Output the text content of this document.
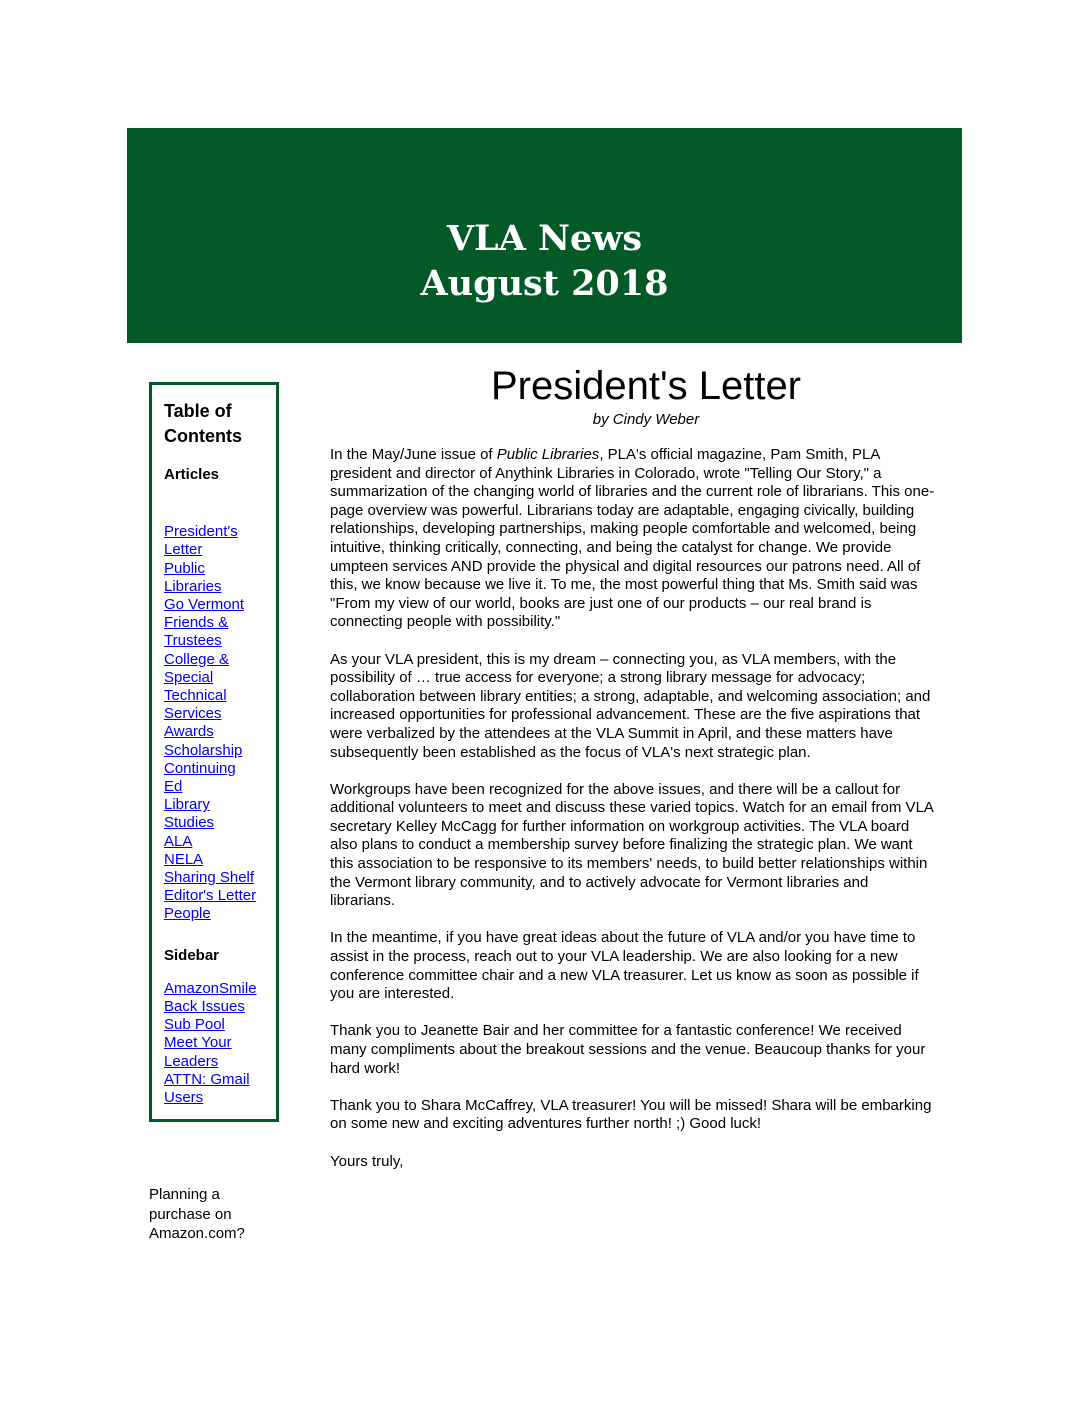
VLA News
August 2018
Table of Contents
Articles
President's Letter
Public Libraries
Go Vermont
Friends & Trustees
College & Special
Technical Services
Awards
Scholarship
Continuing Ed
Library Studies
ALA
NELA
Sharing Shelf
Editor's Letter
People
Sidebar
AmazonSmile
Back Issues
Sub Pool
Meet Your Leaders
ATTN: Gmail Users
Planning a purchase on Amazon.com?
President's Letter
by Cindy Weber

In the May/June issue of Public Libraries, PLA's official magazine, Pam Smith, PLA president and director of Anythink Libraries in Colorado, wrote "Telling Our Story," a summarization of the changing world of libraries and the current role of librarians. This one-page overview was powerful. Librarians today are adaptable, engaging civically, building relationships, developing partnerships, making people comfortable and welcomed, being intuitive, thinking critically, connecting, and being the catalyst for change. We provide umpteen services AND provide the physical and digital resources our patrons need. All of this, we know because we live it. To me, the most powerful thing that Ms. Smith said was "From my view of our world, books are just one of our products – our real brand is connecting people with possibility."

As your VLA president, this is my dream – connecting you, as VLA members, with the possibility of … true access for everyone; a strong library message for advocacy; collaboration between library entities; a strong, adaptable, and welcoming association; and increased opportunities for professional advancement. These are the five aspirations that were verbalized by the attendees at the VLA Summit in April, and these matters have subsequently been established as the focus of VLA's next strategic plan.

Workgroups have been recognized for the above issues, and there will be a callout for additional volunteers to meet and discuss these varied topics. Watch for an email from VLA secretary Kelley McCagg for further information on workgroup activities. The VLA board also plans to conduct a membership survey before finalizing the strategic plan. We want this association to be responsive to its members' needs, to build better relationships within the Vermont library community, and to actively advocate for Vermont libraries and librarians.

In the meantime, if you have great ideas about the future of VLA and/or you have time to assist in the process, reach out to your VLA leadership. We are also looking for a new conference committee chair and a new VLA treasurer. Let us know as soon as possible if you are interested.

Thank you to Jeanette Bair and her committee for a fantastic conference! We received many compliments about the breakout sessions and the venue. Beaucoup thanks for your hard work!

Thank you to Shara McCaffrey, VLA treasurer! You will be missed! Shara will be embarking on some new and exciting adventures further north! ;) Good luck!

Yours truly,
